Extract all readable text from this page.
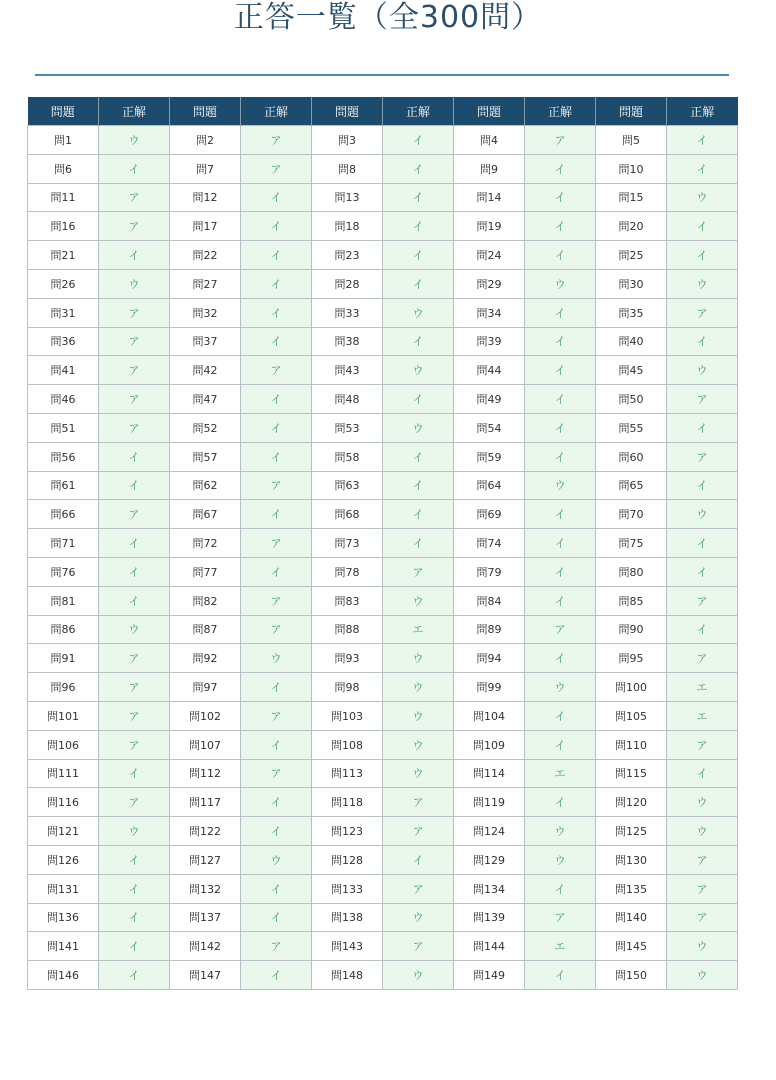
正答一覧（全300問）
問題	正解	問題	正解	問題	正解	問題	正解	問題	正解
問1	ウ	問2	ア	問3	イ	問4	ア	問5	イ
問6	イ	問7	ア	問8	イ	問9	イ	問10	イ
問11	ア	問12	イ	問13	イ	問14	イ	問15	ウ
問16	ア	問17	イ	問18	イ	問19	イ	問20	イ
問21	イ	問22	イ	問23	イ	問24	イ	問25	イ
問26	ウ	問27	イ	問28	イ	問29	ウ	問30	ウ
問31	ア	問32	イ	問33	ウ	問34	イ	問35	ア
問36	ア	問37	イ	問38	イ	問39	イ	問40	イ
問41	ア	問42	ア	問43	ウ	問44	イ	問45	ウ
問46	ア	問47	イ	問48	イ	問49	イ	問50	ア
問51	ア	問52	イ	問53	ウ	問54	イ	問55	イ
問56	イ	問57	イ	問58	イ	問59	イ	問60	ア
問61	イ	問62	ア	問63	イ	問64	ウ	問65	イ
問66	ア	問67	イ	問68	イ	問69	イ	問70	ウ
問71	イ	問72	ア	問73	イ	問74	イ	問75	イ
問76	イ	問77	イ	問78	ア	問79	イ	問80	イ
問81	イ	問82	ア	問83	ウ	問84	イ	問85	ア
問86	ウ	問87	ア	問88	エ	問89	ア	問90	イ
問91	ア	問92	ウ	問93	ウ	問94	イ	問95	ア
問96	ア	問97	イ	問98	ウ	問99	ウ	問100	エ
問101	ア	問102	ア	問103	ウ	問104	イ	問105	エ
問106	ア	問107	イ	問108	ウ	問109	イ	問110	ア
問111	イ	問112	ア	問113	ウ	問114	エ	問115	イ
問116	ア	問117	イ	問118	ア	問119	イ	問120	ウ
問121	ウ	問122	イ	問123	ア	問124	ウ	問125	ウ
問126	イ	問127	ウ	問128	イ	問129	ウ	問130	ア
問131	イ	問132	イ	問133	ア	問134	イ	問135	ア
問136	イ	問137	イ	問138	ウ	問139	ア	問140	ア
問141	イ	問142	ア	問143	ア	問144	エ	問145	ウ
問146	イ	問147	イ	問148	ウ	問149	イ	問150	ウ
